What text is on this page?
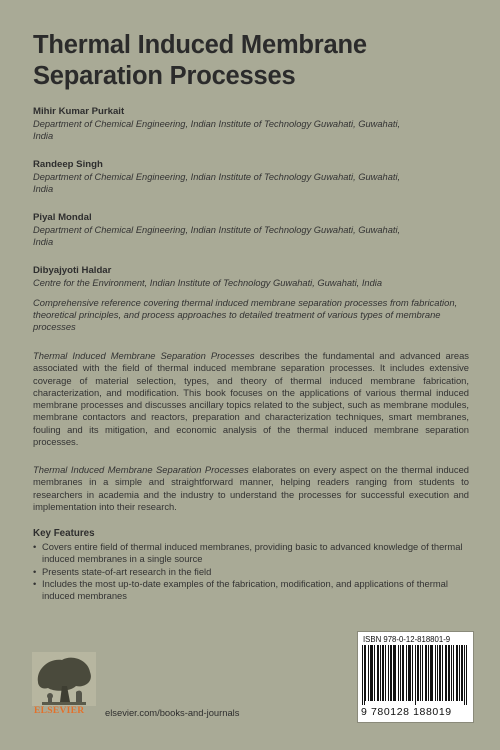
Thermal Induced Membrane
Separation Processes
Mihir Kumar Purkait
Department of Chemical Engineering, Indian Institute of Technology Guwahati, Guwahati,
India
Randeep Singh
Department of Chemical Engineering, Indian Institute of Technology Guwahati, Guwahati,
India
Piyal Mondal
Department of Chemical Engineering, Indian Institute of Technology Guwahati, Guwahati,
India
Dibyajyoti Haldar
Centre for the Environment, Indian Institute of Technology Guwahati, Guwahati, India
Comprehensive reference covering thermal induced membrane separation processes from fabrication, theoretical principles, and process approaches to detailed treatment of various types of membrane processes
Thermal Induced Membrane Separation Processes describes the fundamental and advanced areas associated with the field of thermal induced membrane separation processes. It includes extensive coverage of material selection, types, and theory of thermal induced membrane fabrication, characterization, and modification. This book focuses on the applications of various thermal induced membrane processes and discusses ancillary topics related to the subject, such as membrane modules, membrane contactors and reactors, preparation and characterization techniques, smart membranes, fouling and its mitigation, and economic analysis of the thermal induced membrane separation processes.
Thermal Induced Membrane Separation Processes elaborates on every aspect on the thermal induced membranes in a simple and straightforward manner, helping readers ranging from students to researchers in academia and the industry to understand the processes for successful execution and implementation into their research.
Key Features
• Covers entire field of thermal induced membranes, providing basic to advanced knowledge of thermal induced membranes in a single source
• Presents state-of-art research in the field
• Includes the most up-to-date examples of the fabrication, modification, and applications of thermal induced membranes
ELSEVIER elsevier.com/books-and-journals
ISBN 978-0-12-818801-9
9 780128 188019
